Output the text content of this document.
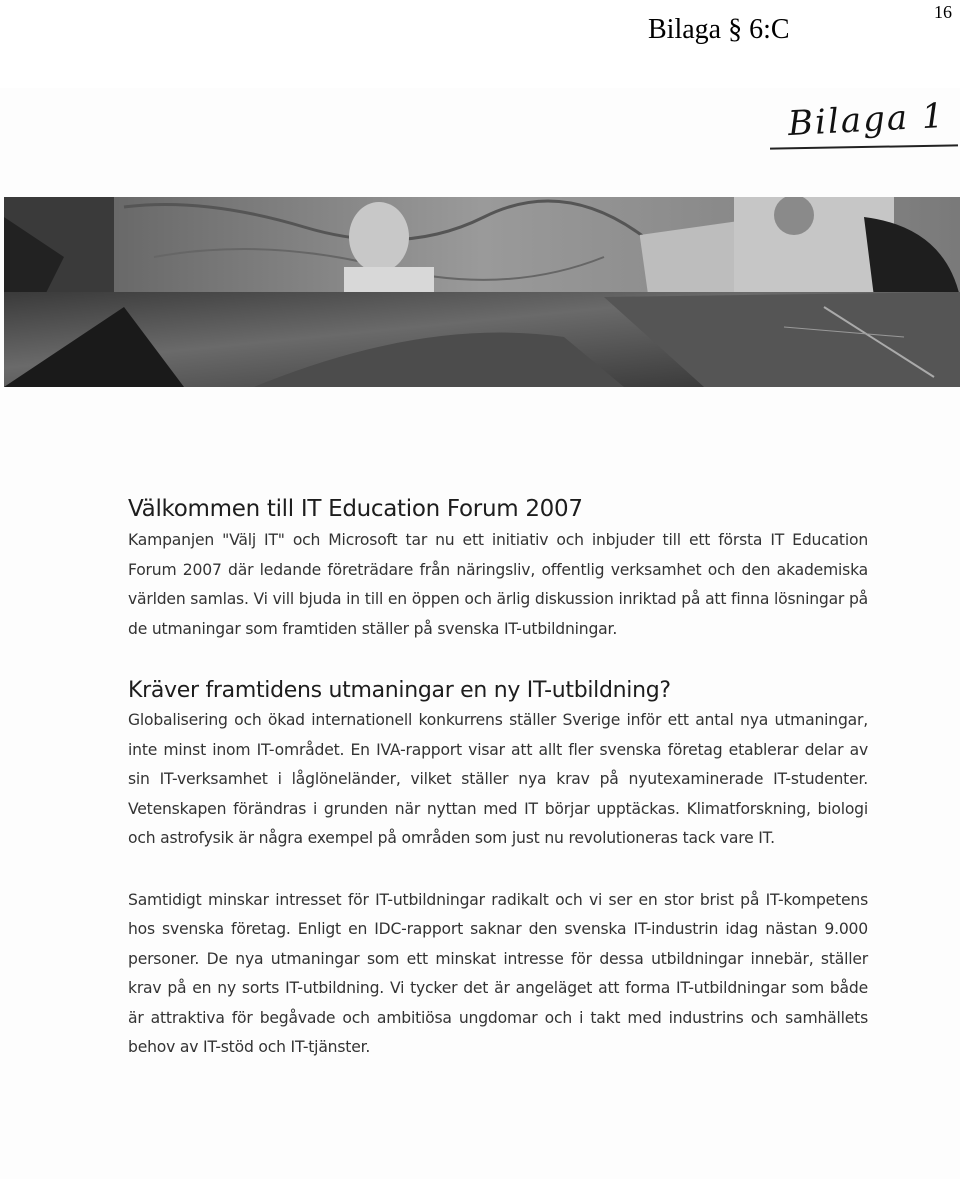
16
Bilaga § 6:C
Bilaga 1
Välkommen till IT Education Forum 2007

Kampanjen "Välj IT" och Microsoft tar nu ett initiativ och inbjuder till ett första IT Education Forum 2007 där ledande företrädare från näringsliv, offentlig verksamhet och den akademiska världen samlas. Vi vill bjuda in till en öppen och ärlig diskussion inriktad på att finna lösningar på de utmaningar som framtiden ställer på svenska IT-utbildningar.

Kräver framtidens utmaningar en ny IT-utbildning?

Globalisering och ökad internationell konkurrens ställer Sverige inför ett antal nya utmaningar, inte minst inom IT-området. En IVA-rapport visar att allt fler svenska företag etablerar delar av sin IT-verksamhet i låglöneländer, vilket ställer nya krav på nyutexaminerade IT-studenter. Vetenskapen förändras i grunden när nyttan med IT börjar upptäckas. Klimatforskning, biologi och astrofysik är några exempel på områden som just nu revolutioneras tack vare IT.

Samtidigt minskar intresset för IT-utbildningar radikalt och vi ser en stor brist på IT-kompetens hos svenska företag. Enligt en IDC-rapport saknar den svenska IT-industrin idag nästan 9.000 personer. De nya utmaningar som ett minskat intresse för dessa utbildningar innebär, ställer krav på en ny sorts IT-utbildning. Vi tycker det är angeläget att forma IT-utbildningar som både är attraktiva för begåvade och ambitiösa ungdomar och i takt med industrins och samhällets behov av IT-stöd och IT-tjänster.
